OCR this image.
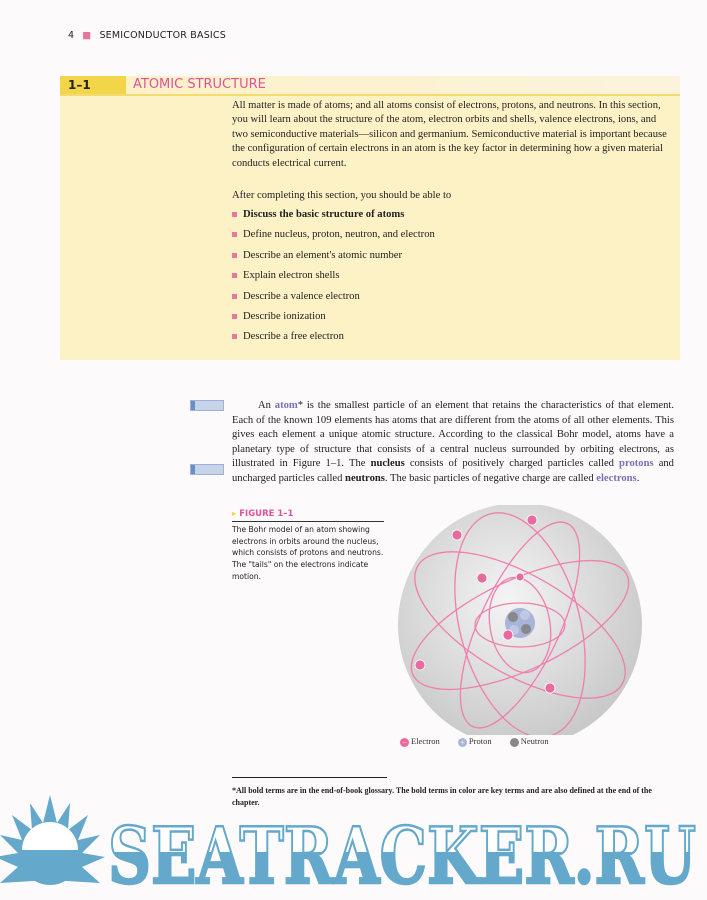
4 ■ SEMICONDUCTOR BASICS
1–1	ATOMIC STRUCTURE
All matter is made of atoms; and all atoms consist of electrons, protons, and neutrons. In this section, you will learn about the structure of the atom, electron orbits and shells, valence electrons, ions, and two semiconductive materials—silicon and germanium. Semiconductive material is important because the configuration of certain electrons in an atom is the key factor in determining how a given material conducts electrical current.
After completing this section, you should be able to
Discuss the basic structure of atoms
Define nucleus, proton, neutron, and electron
Describe an element's atomic number
Explain electron shells
Describe a valence electron
Describe ionization
Describe a free electron
An atom* is the smallest particle of an element that retains the characteristics of that element. Each of the known 109 elements has atoms that are different from the atoms of all other elements. This gives each element a unique atomic structure. According to the classical Bohr model, atoms have a planetary type of structure that consists of a central nucleus surrounded by orbiting electrons, as illustrated in Figure 1–1. The nucleus consists of positively charged particles called protons and uncharged particles called neutrons. The basic particles of negative charge are called electrons.
▸ FIGURE 1–1
The Bohr model of an atom showing electrons in orbits around the nucleus, which consists of protons and neutrons. The "tails" on the electrons indicate motion.
− Electron + Proton	Neutron
*All bold terms are in the end-of-book glossary. The bold terms in color are key terms and are also defined at the end of the chapter.
SEATRACKER.RU
